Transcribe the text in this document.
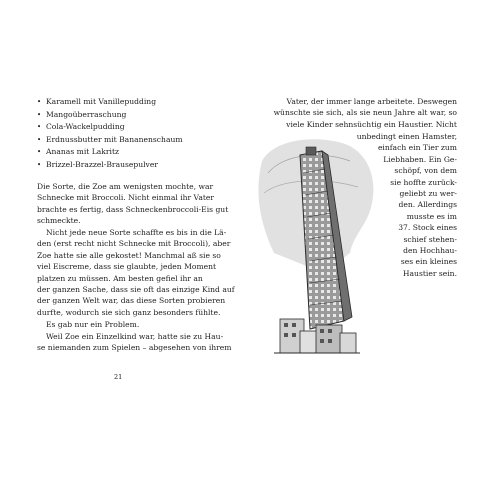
• Karamell mit Vanillepudding
• Mangoüberraschung
• Cola-Wackelpudding
• Erdnussbutter mit Bananenschaum
• Ananas mit Lakritz
• Brizzel-Brazzel-Brausepulver
Die Sorte, die Zoe am wenigsten mochte, war
Schnecke mit Broccoli. Nicht einmal ihr Vater
brachte es fertig, dass Schneckenbroccoli-Eis gut
schmeckte.
Nicht jede neue Sorte schaffte es bis in die Lä-
den (erst recht nicht Schnecke mit Broccoli), aber
Zoe hatte sie alle gekostet! Manchmal aß sie so
viel Eiscreme, dass sie glaubte, jeden Moment
platzen zu müssen. Am besten gefiel ihr an
der ganzen Sache, dass sie oft das einzige Kind auf
der ganzen Welt war, das diese Sorten probieren
durfte, wodurch sie sich ganz besonders fühlte.
Es gab nur ein Problem.
Weil Zoe ein Einzelkind war, hatte sie zu Hau-
se niemanden zum Spielen – abgesehen von ihrem
21
Vater, der immer lange arbeitete. Deswegen
wünschte sie sich, als sie neun Jahre alt war, so
viele Kinder sehnsüchtig ein Haustier. Nicht
unbedingt einen Hamster,
einfach ein Tier zum
Liebhaben. Ein Ge-
schöpf, von dem
sie hoffte zurück-
geliebt zu wer-
den. Allerdings
musste es im
37. Stock eines
schief stehen-
den Hochhau-
ses ein kleines
Haustier sein.
